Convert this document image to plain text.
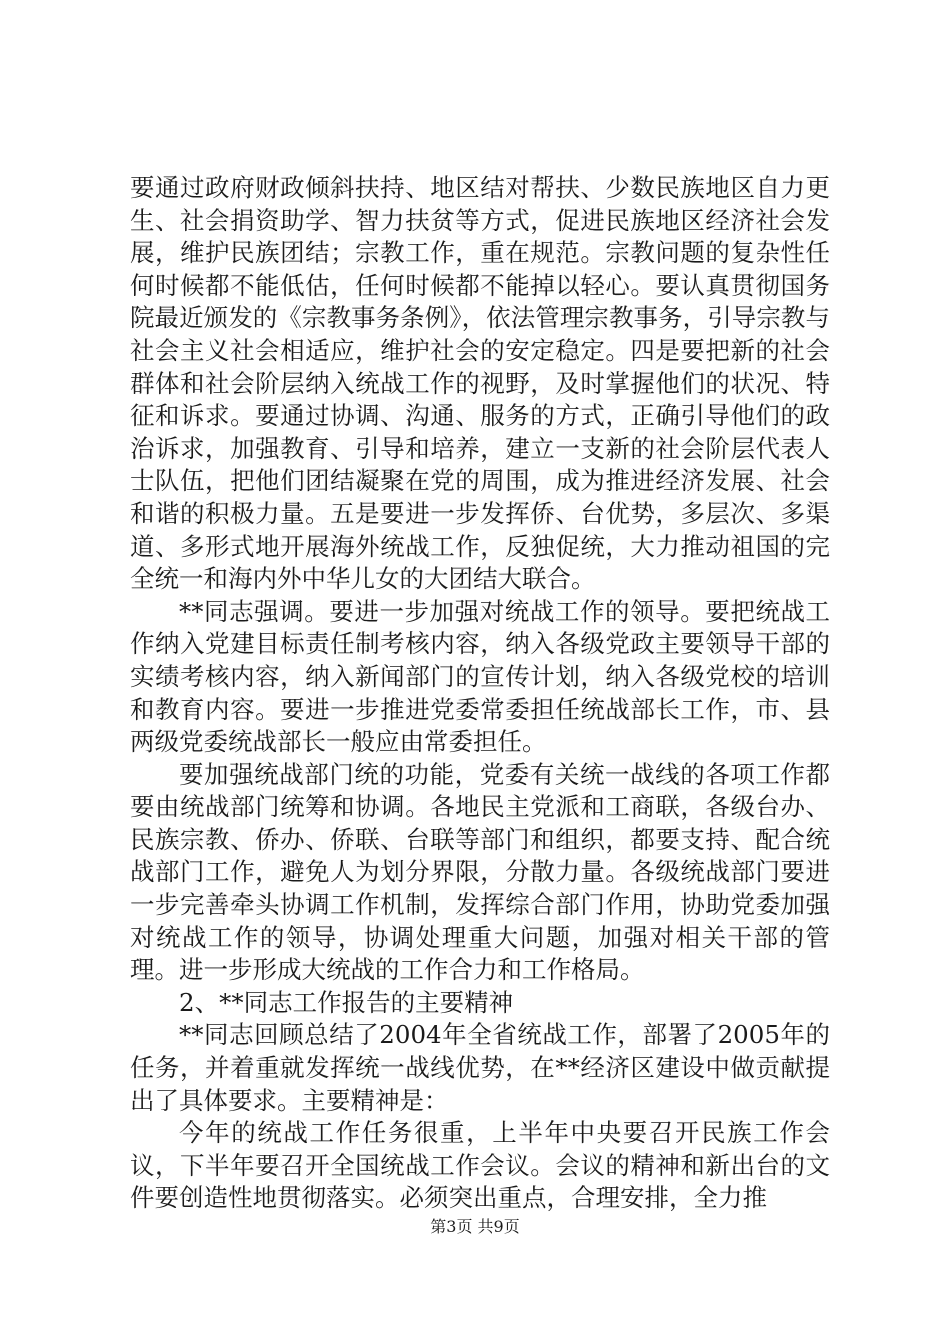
要通过政府财政倾斜扶持、地区结对帮扶、少数民族地区自力更生、社会捐资助学、智力扶贫等方式，促进民族地区经济社会发展，维护民族团结；宗教工作，重在规范。宗教问题的复杂性任何时候都不能低估，任何时候都不能掉以轻心。要认真贯彻国务院最近颁发的《宗教事务条例》，依法管理宗教事务，引导宗教与社会主义社会相适应，维护社会的安定稳定。四是要把新的社会群体和社会阶层纳入统战工作的视野，及时掌握他们的状况、特征和诉求。要通过协调、沟通、服务的方式，正确引导他们的政治诉求，加强教育、引导和培养，建立一支新的社会阶层代表人士队伍，把他们团结凝聚在党的周围，成为推进经济发展、社会和谐的积极力量。五是要进一步发挥侨、台优势，多层次、多渠道、多形式地开展海外统战工作，反独促统，大力推动祖国的完全统一和海内外中华儿女的大团结大联合。

**同志强调。要进一步加强对统战工作的领导。要把统战工作纳入党建目标责任制考核内容，纳入各级党政主要领导干部的实绩考核内容，纳入新闻部门的宣传计划，纳入各级党校的培训和教育内容。要进一步推进党委常委担任统战部长工作，市、县两级党委统战部长一般应由常委担任。

要加强统战部门统的功能，党委有关统一战线的各项工作都要由统战部门统筹和协调。各地民主党派和工商联，各级台办、民族宗教、侨办、侨联、台联等部门和组织，都要支持、配合统战部门工作，避免人为划分界限，分散力量。各级统战部门要进一步完善牵头协调工作机制，发挥综合部门作用，协助党委加强对统战工作的领导，协调处理重大问题，加强对相关干部的管理。进一步形成大统战的工作合力和工作格局。

2、**同志工作报告的主要精神

**同志回顾总结了2004年全省统战工作，部署了2005年的任务，并着重就发挥统一战线优势，在**经济区建设中做贡献提出了具体要求。主要精神是：

今年的统战工作任务很重，上半年中央要召开民族工作会议，下半年要召开全国统战工作会议。会议的精神和新出台的文件要创造性地贯彻落实。必须突出重点，合理安排，全力推

第3页 共9页
